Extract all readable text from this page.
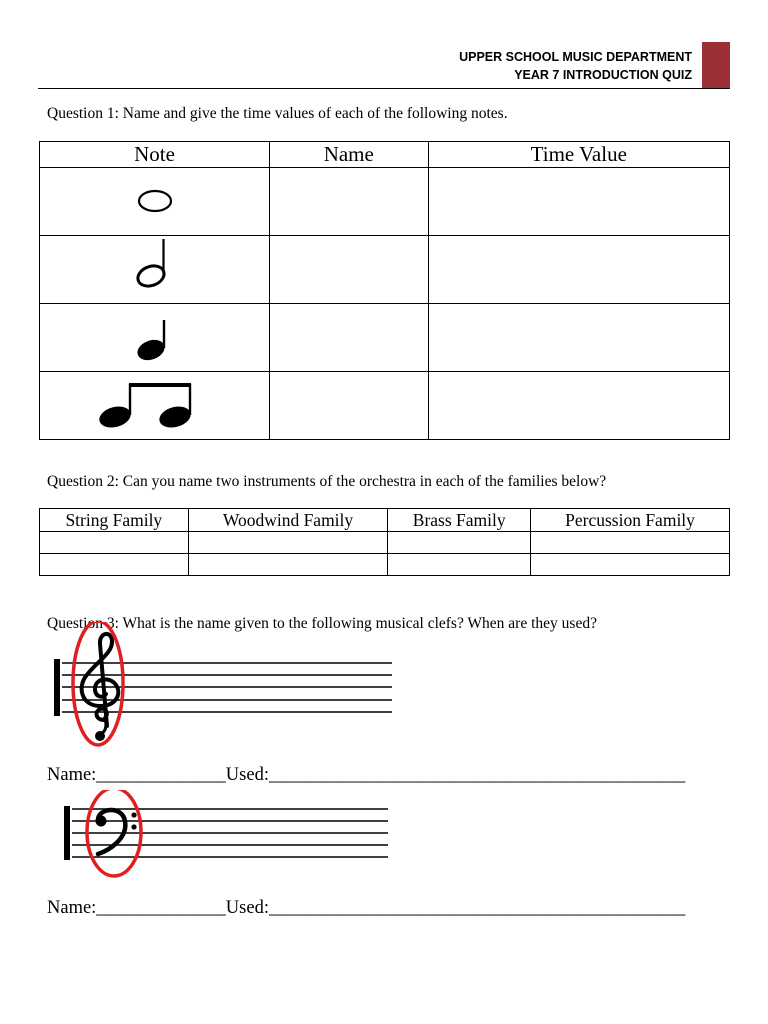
UPPER SCHOOL MUSIC DEPARTMENT
YEAR 7 INTRODUCTION QUIZ
Question 1: Name and give the time values of each of the following notes.
Note	Name	Time Value

Question 2: Can you name two instruments of the orchestra in each of the families below?
String Family	Woodwind Family	Brass Family	Percussion Family

Question 3: What is the name given to the following musical clefs? When are they used?
Name:______________Used:_____________________________________________
Name:______________Used:_____________________________________________
